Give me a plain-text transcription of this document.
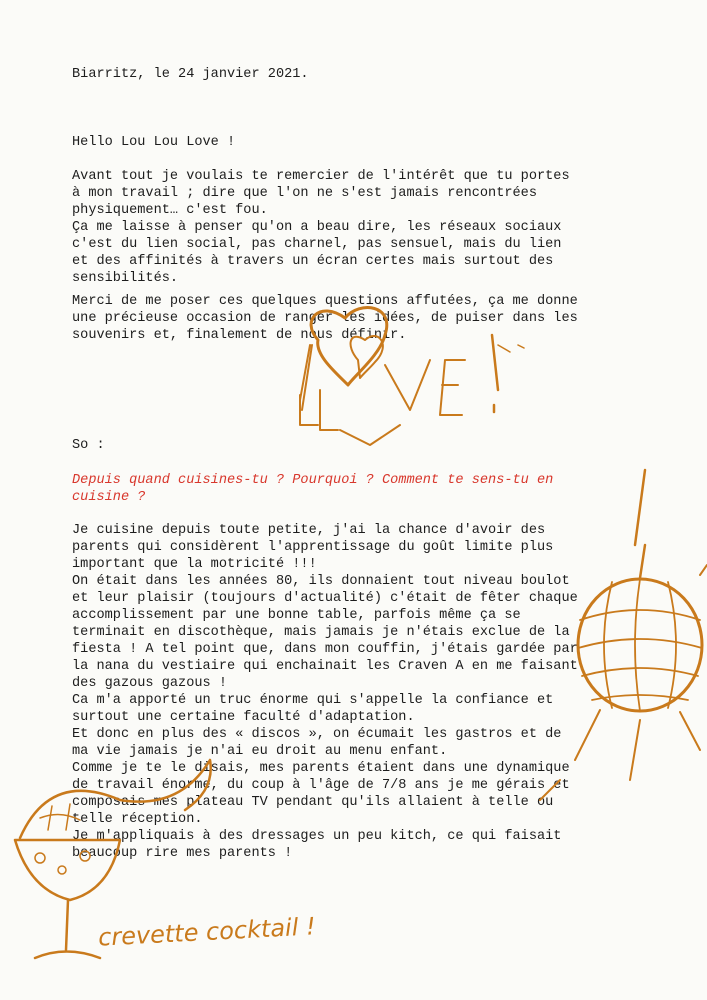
Biarritz, le 24 janvier 2021.

Hello Lou Lou Love !

Avant tout je voulais te remercier de l'intérêt que tu portes
à mon travail ; dire que l'on ne s'est jamais rencontrées
physiquement… c'est fou.
Ça me laisse à penser qu'on a beau dire, les réseaux sociaux
c'est du lien social, pas charnel, pas sensuel, mais du lien
et des affinités à travers un écran certes mais surtout des
sensibilités.

Merci de me poser ces quelques questions affutées, ça me donne
une précieuse occasion de ranger les idées, de puiser dans les
souvenirs et, finalement de nous définir.

So :

Depuis quand cuisines-tu ? Pourquoi ? Comment te sens-tu en
cuisine ?

Je cuisine depuis toute petite, j'ai la chance d'avoir des
parents qui considèrent l'apprentissage du goût limite plus
important que la motricité !!!
On était dans les années 80, ils donnaient tout niveau boulot
et leur plaisir (toujours d'actualité) c'était de fêter chaque
accomplissement par une bonne table, parfois même ça se
terminait en discothèque, mais jamais je n'étais exclue de la
fiesta ! A tel point que, dans mon couffin, j'étais gardée par
la nana du vestiaire qui enchainait les Craven A en me faisant
des gazous gazous !
Ca m'a apporté un truc énorme qui s'appelle la confiance et
surtout une certaine faculté d'adaptation.
Et donc en plus des « discos », on écumait les gastros et de
ma vie jamais je n'ai eu droit au menu enfant.
Comme je te le disais, mes parents étaient dans une dynamique
de travail énorme, du coup à l'âge de 7/8 ans je me gérais et
composais mes plateau TV pendant qu'ils allaient à telle ou
telle réception.
Je m'appliquais à des dressages un peu kitch, ce qui faisait
beaucoup rire mes parents !

crevette cocktail !
